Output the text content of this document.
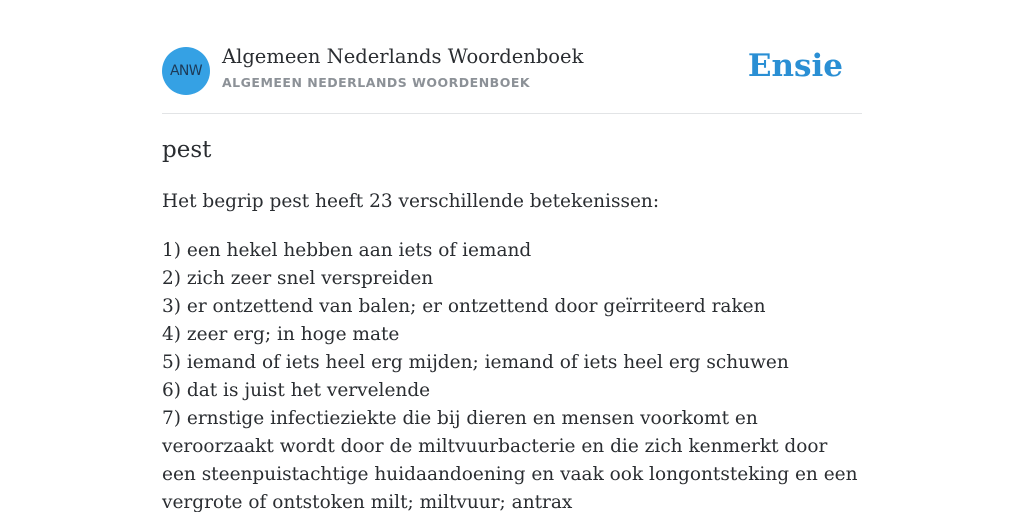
ANW
Algemeen Nederlands Woordenboek
ALGEMEEN NEDERLANDS WOORDENBOEK	Ensie
pest

Het begrip pest heeft 23 verschillende betekenissen:

1) een hekel hebben aan iets of iemand
2) zich zeer snel verspreiden
3) er ontzettend van balen; er ontzettend door geïrriteerd raken
4) zeer erg; in hoge mate
5) iemand of iets heel erg mijden; iemand of iets heel erg schuwen
6) dat is juist het vervelende
7) ernstige infectieziekte die bij dieren en mensen voorkomt en veroorzaakt wordt door de miltvuurbacterie en die zich kenmerkt door een steenpuistachtige huidaandoening en vaak ook longontsteking en een vergrote of ontstoken milt; miltvuur; antrax
